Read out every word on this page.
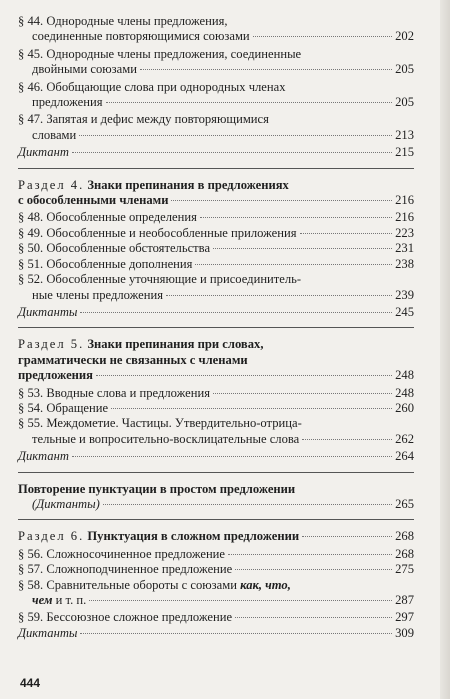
§ 44. Однородные члены предложения,
соединенные повторяющимися союзами	202
§ 45. Однородные члены предложения, соединенные
двойными союзами	205
§ 46. Обобщающие слова при однородных членах
предложения	205
§ 47. Запятая и дефис между повторяющимися
словами	213
Диктант	215
Раздел 4. Знаки препинания в предложениях
с обособленными членами	216
§ 48. Обособленные определения	216
§ 49. Обособленные и необособленные приложения	223
§ 50. Обособленные обстоятельства	231
§ 51. Обособленные дополнения	238
§ 52. Обособленные уточняющие и присоединитель-
ные члены предложения	239
Диктанты	245
Раздел 5. Знаки препинания при словах,
грамматически не связанных с членами
предложения	248
§ 53. Вводные слова и предложения	248
§ 54. Обращение	260
§ 55. Междометие. Частицы. Утвердительно-отрица-
тельные и вопросительно-восклицательные слова	262
Диктант	264
Повторение пунктуации в простом предложении
(Диктанты)	265
Раздел 6. Пунктуация в сложном предложении	268
§ 56. Сложносочиненное предложение	268
§ 57. Сложноподчиненное предложение	275
§ 58. Сравнительные обороты с союзами как, что,
чем и т. п.	287
§ 59. Бессоюзное сложное предложение	297
Диктанты	309
444
